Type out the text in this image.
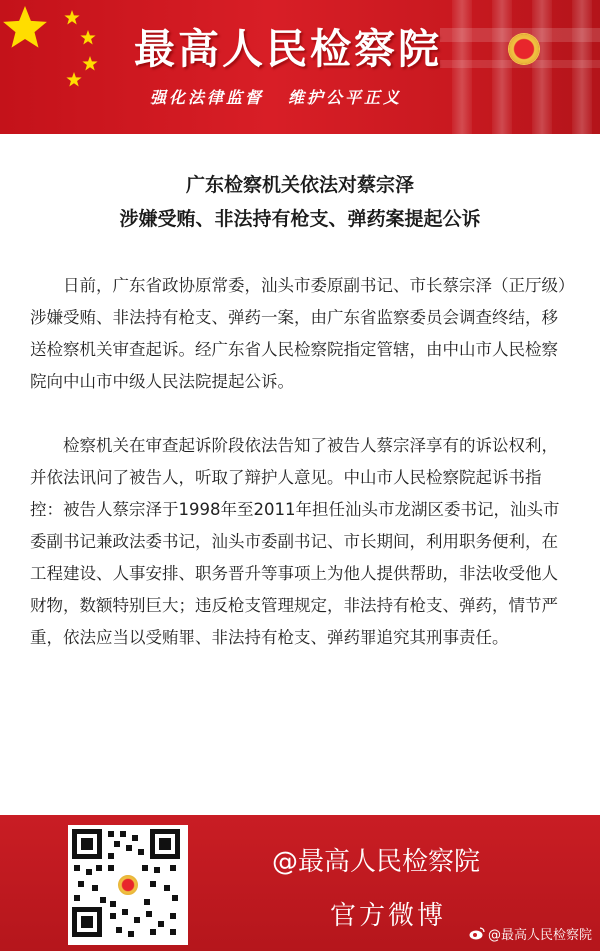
最高人民检察院
强化法律监督 维护公平正义
广东检察机关依法对蔡宗泽
涉嫌受贿、非法持有枪支、弹药案提起公诉

日前，广东省政协原常委，汕头市委原副书记、市长蔡宗泽（正厅级）涉嫌受贿、非法持有枪支、弹药一案，由广东省监察委员会调查终结，移送检察机关审查起诉。经广东省人民检察院指定管辖，由中山市人民检察院向中山市中级人民法院提起公诉。

检察机关在审查起诉阶段依法告知了被告人蔡宗泽享有的诉讼权利，并依法讯问了被告人，听取了辩护人意见。中山市人民检察院起诉书指控：被告人蔡宗泽于1998年至2011年担任汕头市龙湖区委书记，汕头市委副书记兼政法委书记，汕头市委副书记、市长期间，利用职务便利，在工程建设、人事安排、职务晋升等事项上为他人提供帮助，非法收受他人财物，数额特别巨大；违反枪支管理规定，非法持有枪支、弹药，情节严重，依法应当以受贿罪、非法持有枪支、弹药罪追究其刑事责任。

@最高人民检察院
官方微博
@最高人民检察院
